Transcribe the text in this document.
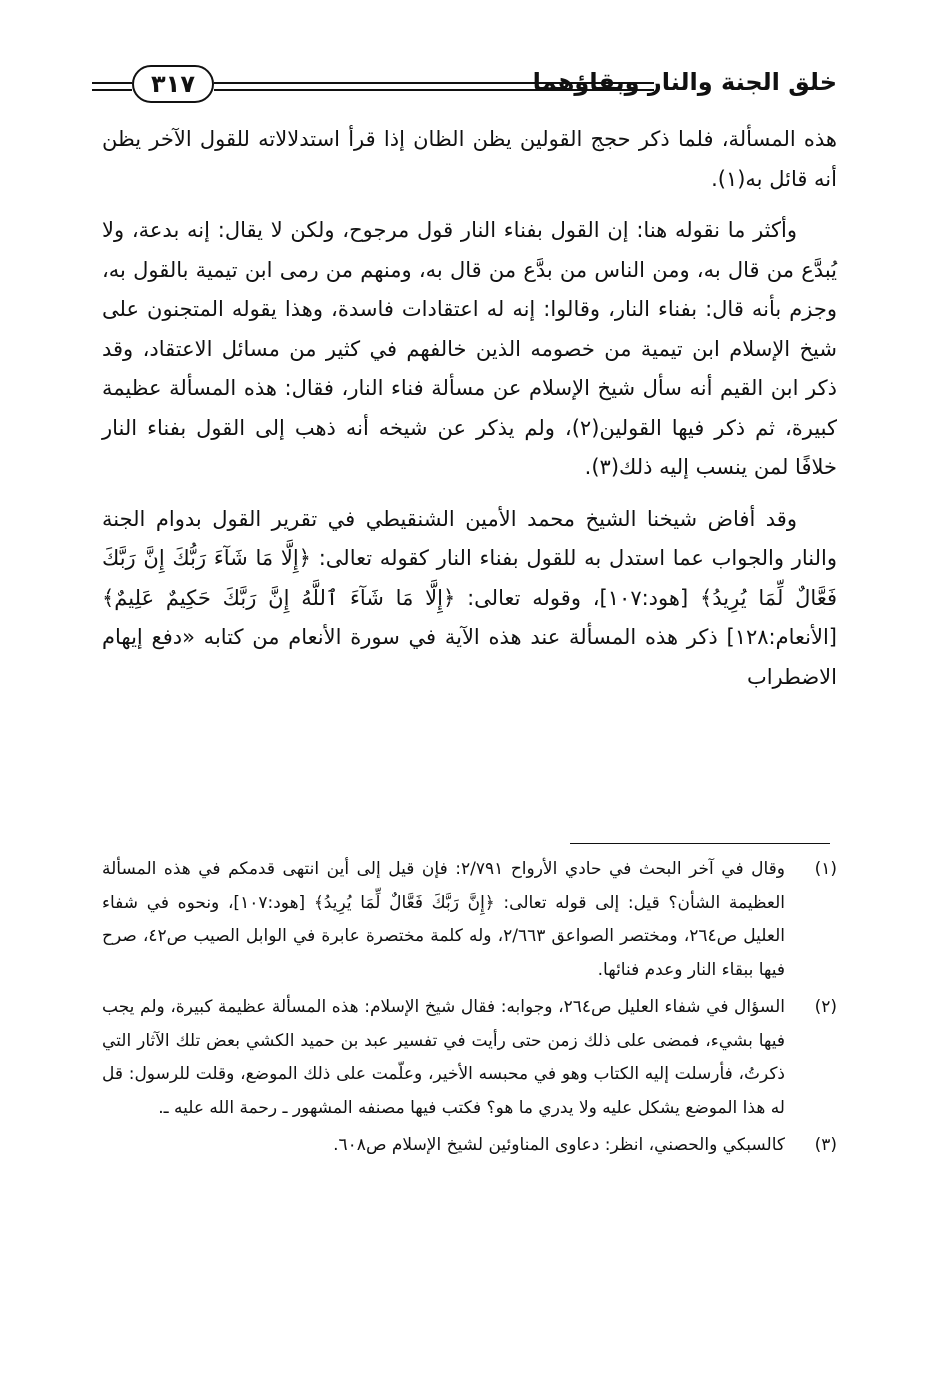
٣١٧	خلق الجنة والنار وبقاؤهما

هذه المسألة، فلما ذكر حجج القولين يظن الظان إذا قرأ استدلالاته للقول الآخر يظن أنه قائل به(١).

وأكثر ما نقوله هنا: إن القول بفناء النار قول مرجوح، ولكن لا يقال: إنه بدعة، ولا يُبدَّع من قال به، ومن الناس من بدَّع من قال به، ومنهم من رمى ابن تيمية بالقول به، وجزم بأنه قال: بفناء النار، وقالوا: إنه له اعتقادات فاسدة، وهذا يقوله المتجنون على شيخ الإسلام ابن تيمية من خصومه الذين خالفهم في كثير من مسائل الاعتقاد، وقد ذكر ابن القيم أنه سأل شيخ الإسلام عن مسألة فناء النار، فقال: هذه المسألة عظيمة كبيرة، ثم ذكر فيها القولين(٢)، ولم يذكر عن شيخه أنه ذهب إلى القول بفناء النار خلافًا لمن ينسب إليه ذلك(٣).

وقد أفاض شيخنا الشيخ محمد الأمين الشنقيطي في تقرير القول بدوام الجنة والنار والجواب عما استدل به للقول بفناء النار كقوله تعالى: ﴿إِلَّا مَا شَآءَ رَبُّكَ إِنَّ رَبَّكَ فَعَّالٌ لِّمَا يُرِيدُ﴾ [هود:١٠٧]، وقوله تعالى: ﴿إِلَّا مَا شَآءَ ٱللَّهُ إِنَّ رَبَّكَ حَكِيمٌ عَلِيمٌ﴾ [الأنعام:١٢٨] ذكر هذه المسألة عند هذه الآية في سورة الأنعام من كتابه «دفع إيهام الاضطراب

(١)
وقال في آخر البحث في حادي الأرواح ٢/٧٩١: فإن قيل إلى أين انتهى قدمكم في هذه المسألة العظيمة الشأن؟ قيل: إلى قوله تعالى: ﴿إِنَّ رَبَّكَ فَعَّالٌ لِّمَا يُرِيدُ﴾ [هود:١٠٧]، ونحوه في شفاء العليل ص٢٦٤، ومختصر الصواعق ٢/٦٦٣، وله كلمة مختصرة عابرة في الوابل الصيب ص٤٢، صرح فيها ببقاء النار وعدم فنائها.
(٢)
السؤال في شفاء العليل ص٢٦٤، وجوابه: فقال شيخ الإسلام: هذه المسألة عظيمة كبيرة، ولم يجب فيها بشيء، فمضى على ذلك زمن حتى رأيت في تفسير عبد بن حميد الكشي بعض تلك الآثار التي ذكرتُ، فأرسلت إليه الكتاب وهو في محبسه الأخير، وعلّمت على ذلك الموضع، وقلت للرسول: قل له هذا الموضع يشكل عليه ولا يدري ما هو؟ فكتب فيها مصنفه المشهور ـ رحمة الله عليه ـ.
(٣)
كالسبكي والحصني، انظر: دعاوى المناوئين لشيخ الإسلام ص٦٠٨.
